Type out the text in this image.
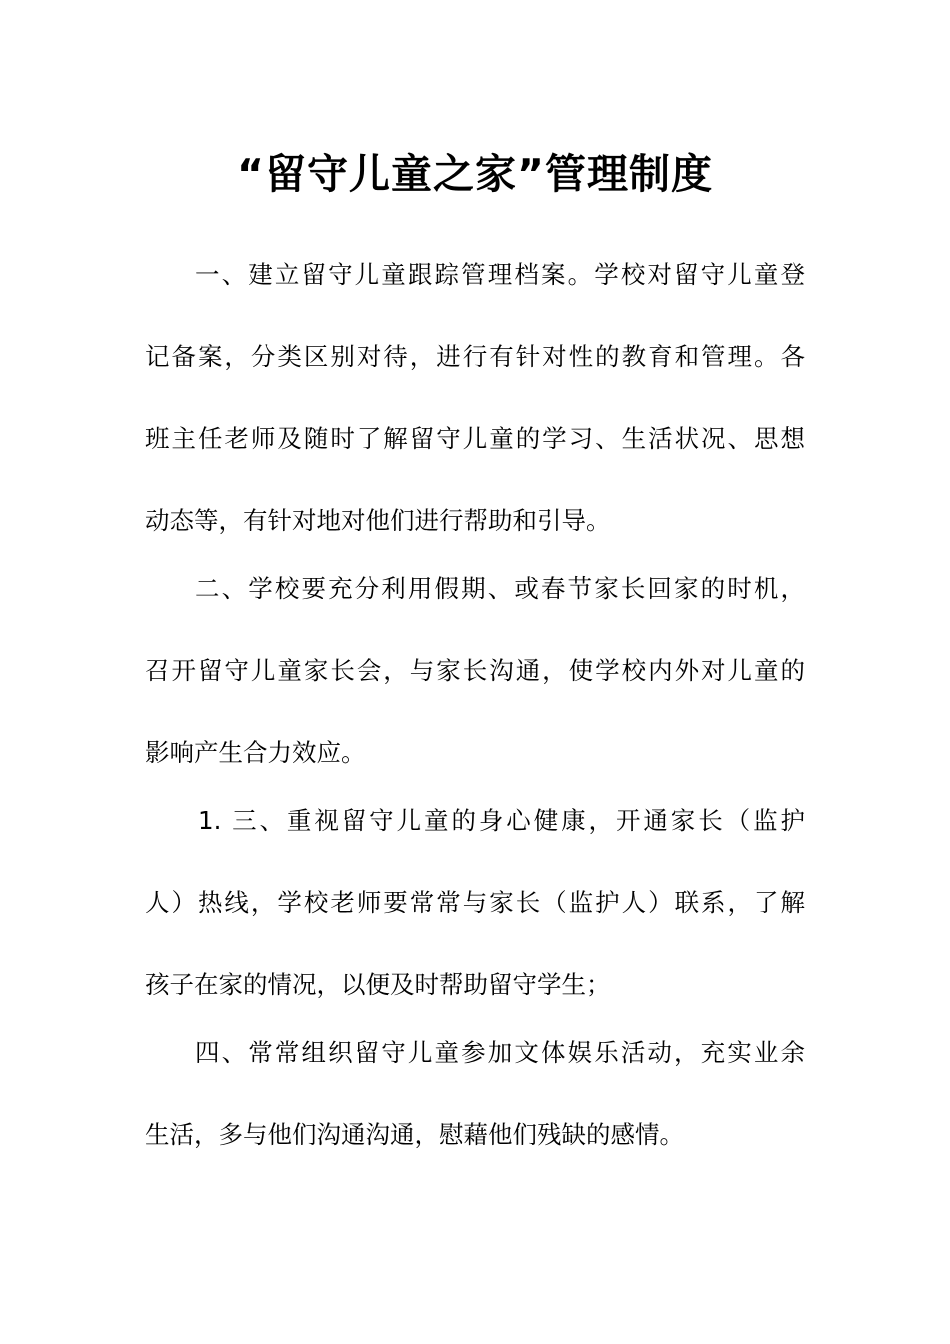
“留守儿童之家”管理制度

一、建立留守儿童跟踪管理档案。学校对留守儿童登

记备案，分类区别对待，进行有针对性的教育和管理。各

班主任老师及随时了解留守儿童的学习、生活状况、思想

动态等，有针对地对他们进行帮助和引导。

二、学校要充分利用假期、或春节家长回家的时机，

召开留守儿童家长会，与家长沟通，使学校内外对儿童的

影响产生合力效应。

1. 三、重视留守儿童的身心健康，开通家长（监护

人）热线，学校老师要常常与家长（监护人）联系，了解

孩子在家的情况，以便及时帮助留守学生；

四、常常组织留守儿童参加文体娱乐活动，充实业余

生活，多与他们沟通沟通，慰藉他们残缺的感情。
